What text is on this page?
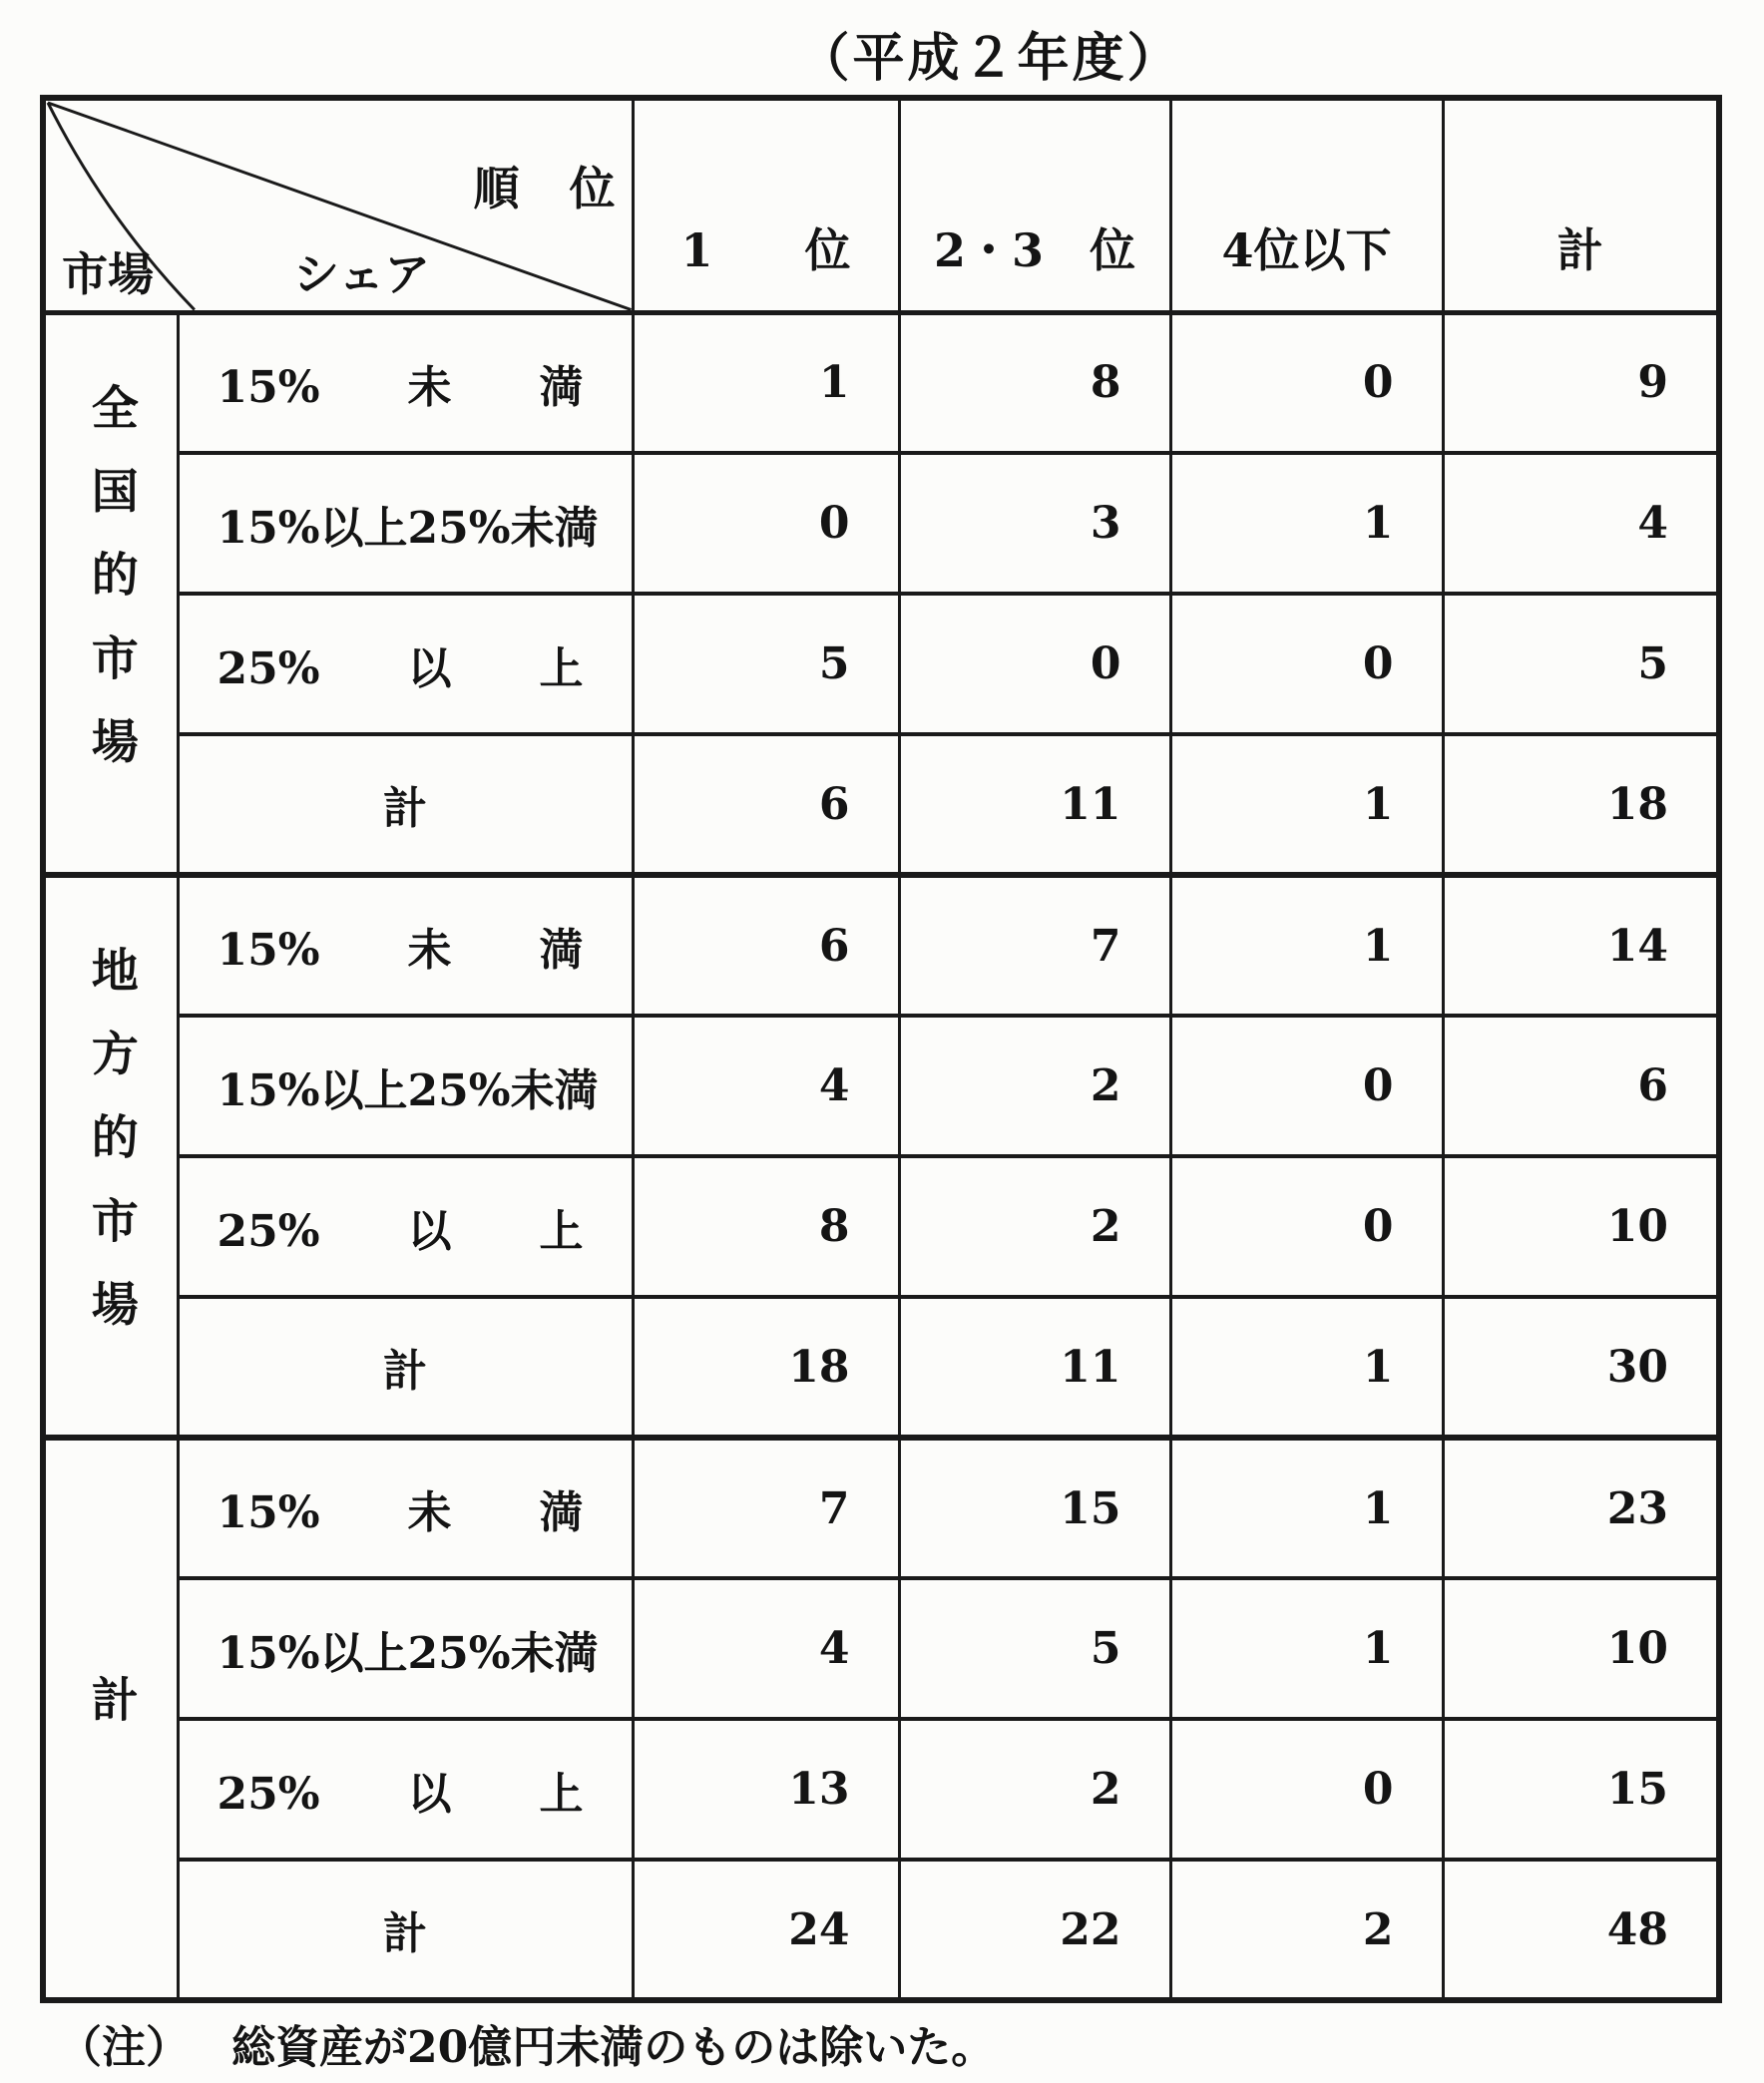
（平成２年度）
順　位
シェア
市場		1　　位	2・3　位	4位以下	計
全国的市場	15%　　未　　満	1	8	0	9
	15%以上25%未満	0	3	1	4
	25%　　以　　上	5	0	0	5
	計	6	11	1	18
地方的市場	15%　　未　　満	6	7	1	14
	15%以上25%未満	4	2	0	6
	25%　　以　　上	8	2	0	10
	計	18	11	1	30
計	15%　　未　　満	7	15	1	23
	15%以上25%未満	4	5	1	10
	25%　　以　　上	13	2	0	15
	計	24	22	2	48
（注） 総資産が20億円未満のものは除いた。
